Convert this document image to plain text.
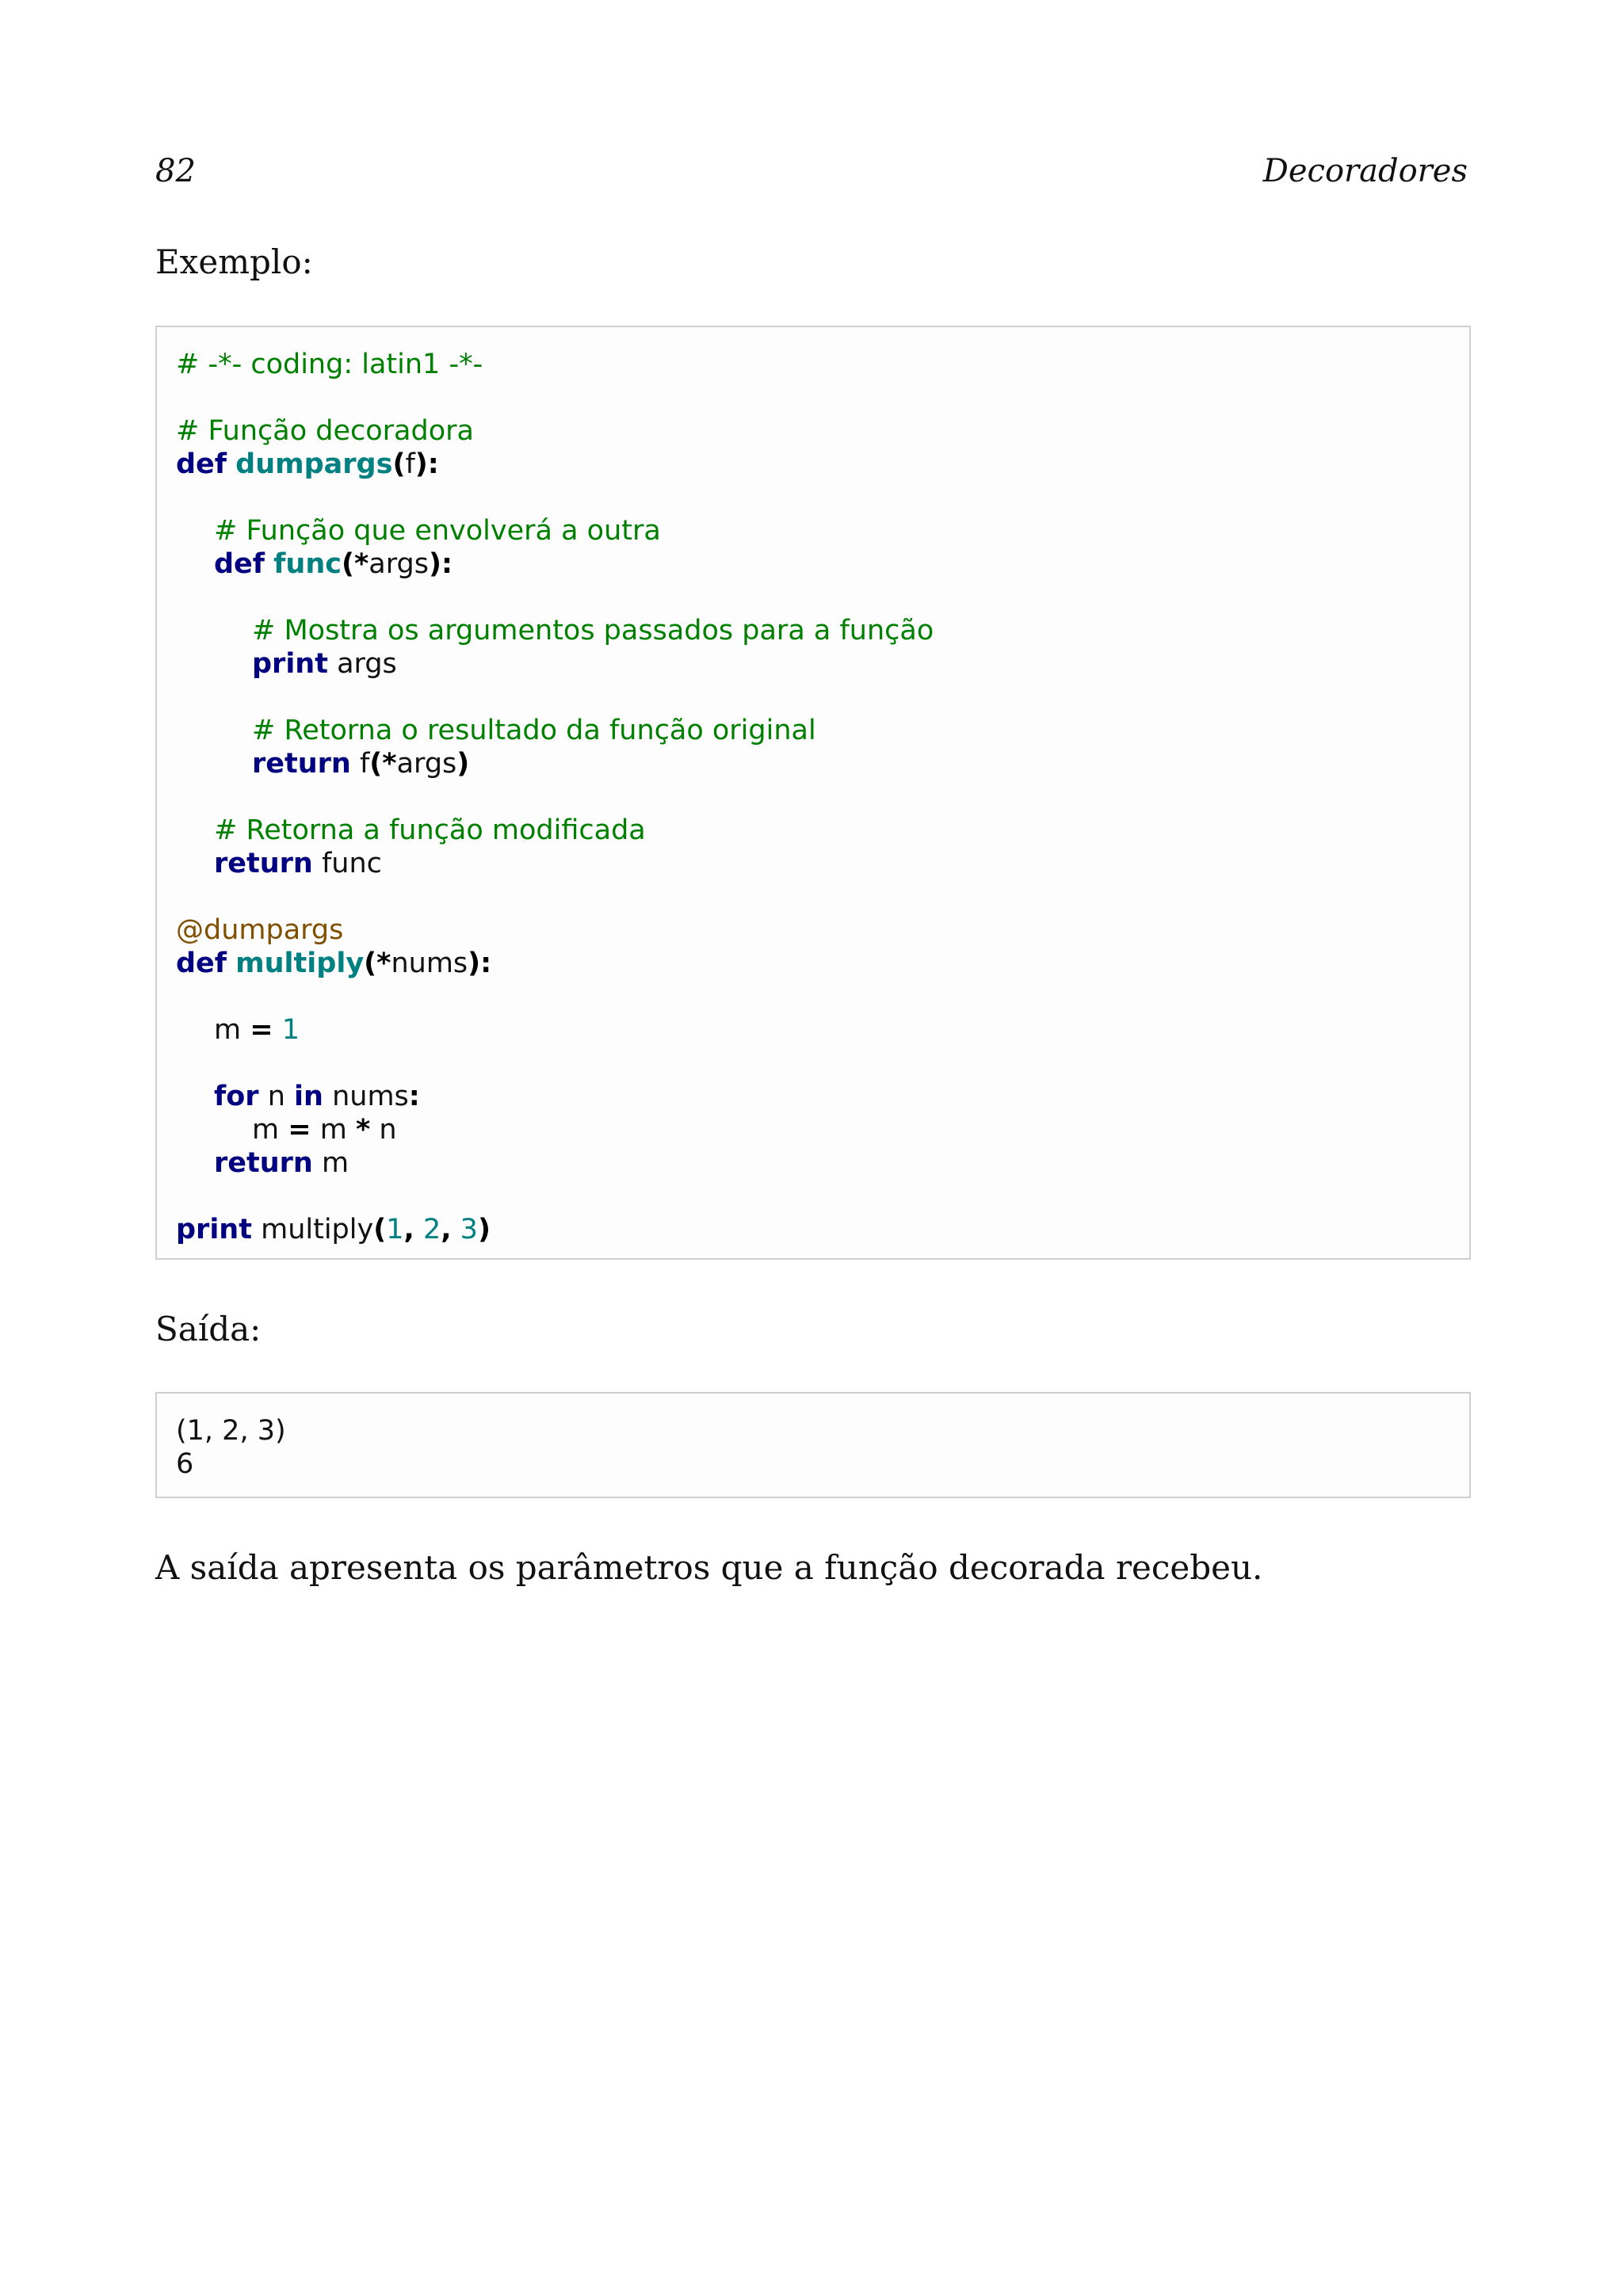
82	Decoradores
Exemplo:
# -*- coding: latin1 -*-
# Função decoradora
def dumpargs(f):
# Função que envolverá a outra
def func(*args):
# Mostra os argumentos passados para a função
print args
# Retorna o resultado da função original
return f(*args)
# Retorna a função modificada
return func
@dumpargs
def multiply(*nums):
m = 1
for n in nums:
m = m * n
return m
print multiply(1, 2, 3)
Saída:
(1, 2, 3)
6
A saída apresenta os parâmetros que a função decorada recebeu.
